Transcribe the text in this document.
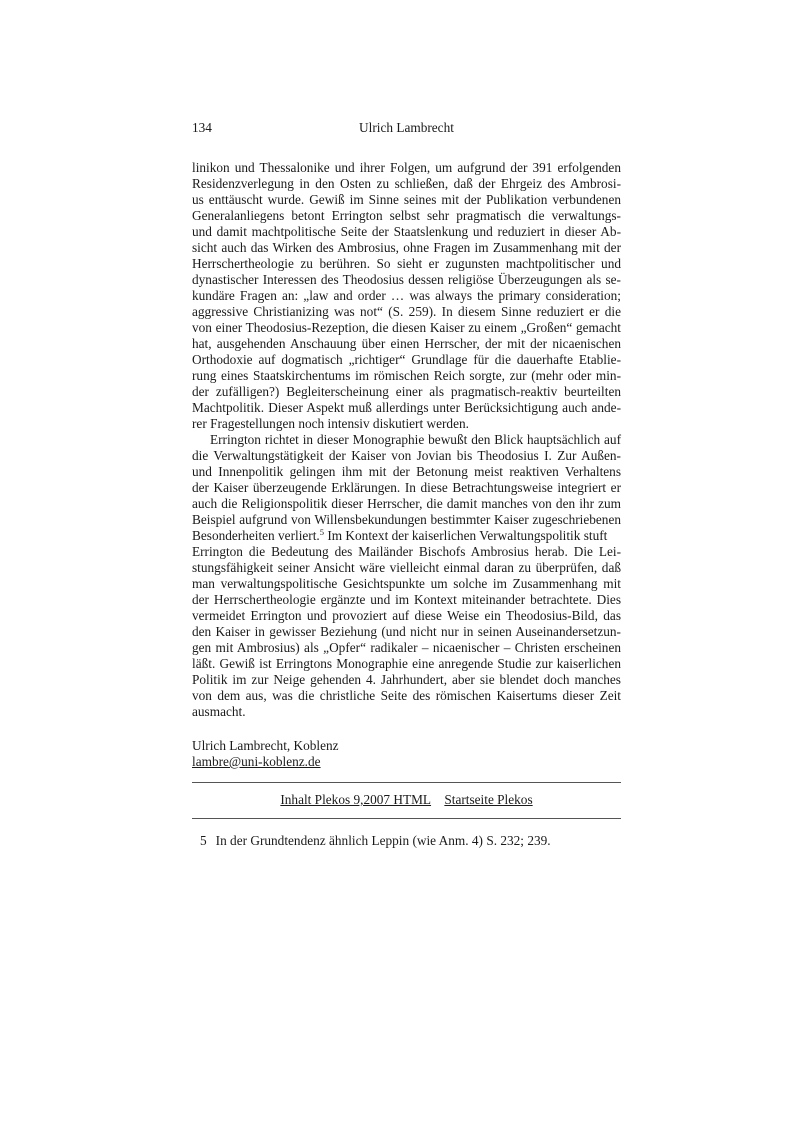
134	Ulrich Lambrecht
linikon und Thessalonike und ihrer Folgen, um aufgrund der 391 erfolgenden
Residenzverlegung in den Osten zu schließen, daß der Ehrgeiz des Ambrosi-
us enttäuscht wurde. Gewiß im Sinne seines mit der Publikation verbundenen
Generalanliegens betont Errington selbst sehr pragmatisch die verwaltungs-
und damit machtpolitische Seite der Staatslenkung und reduziert in dieser Ab-
sicht auch das Wirken des Ambrosius, ohne Fragen im Zusammenhang mit der
Herrschertheologie zu berühren. So sieht er zugunsten machtpolitischer und
dynastischer Interessen des Theodosius dessen religiöse Überzeugungen als se-
kundäre Fragen an: „law and order … was always the primary consideration;
aggressive Christianizing was not“ (S. 259). In diesem Sinne reduziert er die
von einer Theodosius-Rezeption, die diesen Kaiser zu einem „Großen“ gemacht
hat, ausgehenden Anschauung über einen Herrscher, der mit der nicaenischen
Orthodoxie auf dogmatisch „richtiger“ Grundlage für die dauerhafte Etablie-
rung eines Staatskirchentums im römischen Reich sorgte, zur (mehr oder min-
der zufälligen?) Begleiterscheinung einer als pragmatisch-reaktiv beurteilten
Machtpolitik. Dieser Aspekt muß allerdings unter Berücksichtigung auch ande-
rer Fragestellungen noch intensiv diskutiert werden.
Errington richtet in dieser Monographie bewußt den Blick hauptsächlich auf
die Verwaltungstätigkeit der Kaiser von Jovian bis Theodosius I. Zur Außen-
und Innenpolitik gelingen ihm mit der Betonung meist reaktiven Verhaltens
der Kaiser überzeugende Erklärungen. In diese Betrachtungsweise integriert er
auch die Religionspolitik dieser Herrscher, die damit manches von den ihr zum
Beispiel aufgrund von Willensbekundungen bestimmter Kaiser zugeschriebenen
Besonderheiten verliert.$^5$ Im Kontext der kaiserlichen Verwaltungspolitik stuft
Errington die Bedeutung des Mailänder Bischofs Ambrosius herab. Die Lei-
stungsfähigkeit seiner Ansicht wäre vielleicht einmal daran zu überprüfen, daß
man verwaltungspolitische Gesichtspunkte um solche im Zusammenhang mit
der Herrschertheologie ergänzte und im Kontext miteinander betrachtete. Dies
vermeidet Errington und provoziert auf diese Weise ein Theodosius-Bild, das
den Kaiser in gewisser Beziehung (und nicht nur in seinen Auseinandersetzun-
gen mit Ambrosius) als „Opfer“ radikaler – nicaenischer – Christen erscheinen
läßt. Gewiß ist Erringtons Monographie eine anregende Studie zur kaiserlichen
Politik im zur Neige gehenden 4. Jahrhundert, aber sie blendet doch manches
von dem aus, was die christliche Seite des römischen Kaisertums dieser Zeit
ausmacht.
Ulrich Lambrecht, Koblenz
lambre@uni-koblenz.de
Inhalt Plekos 9,2007 HTML Startseite Plekos
5 In der Grundtendenz ähnlich Leppin (wie Anm. 4) S. 232; 239.
